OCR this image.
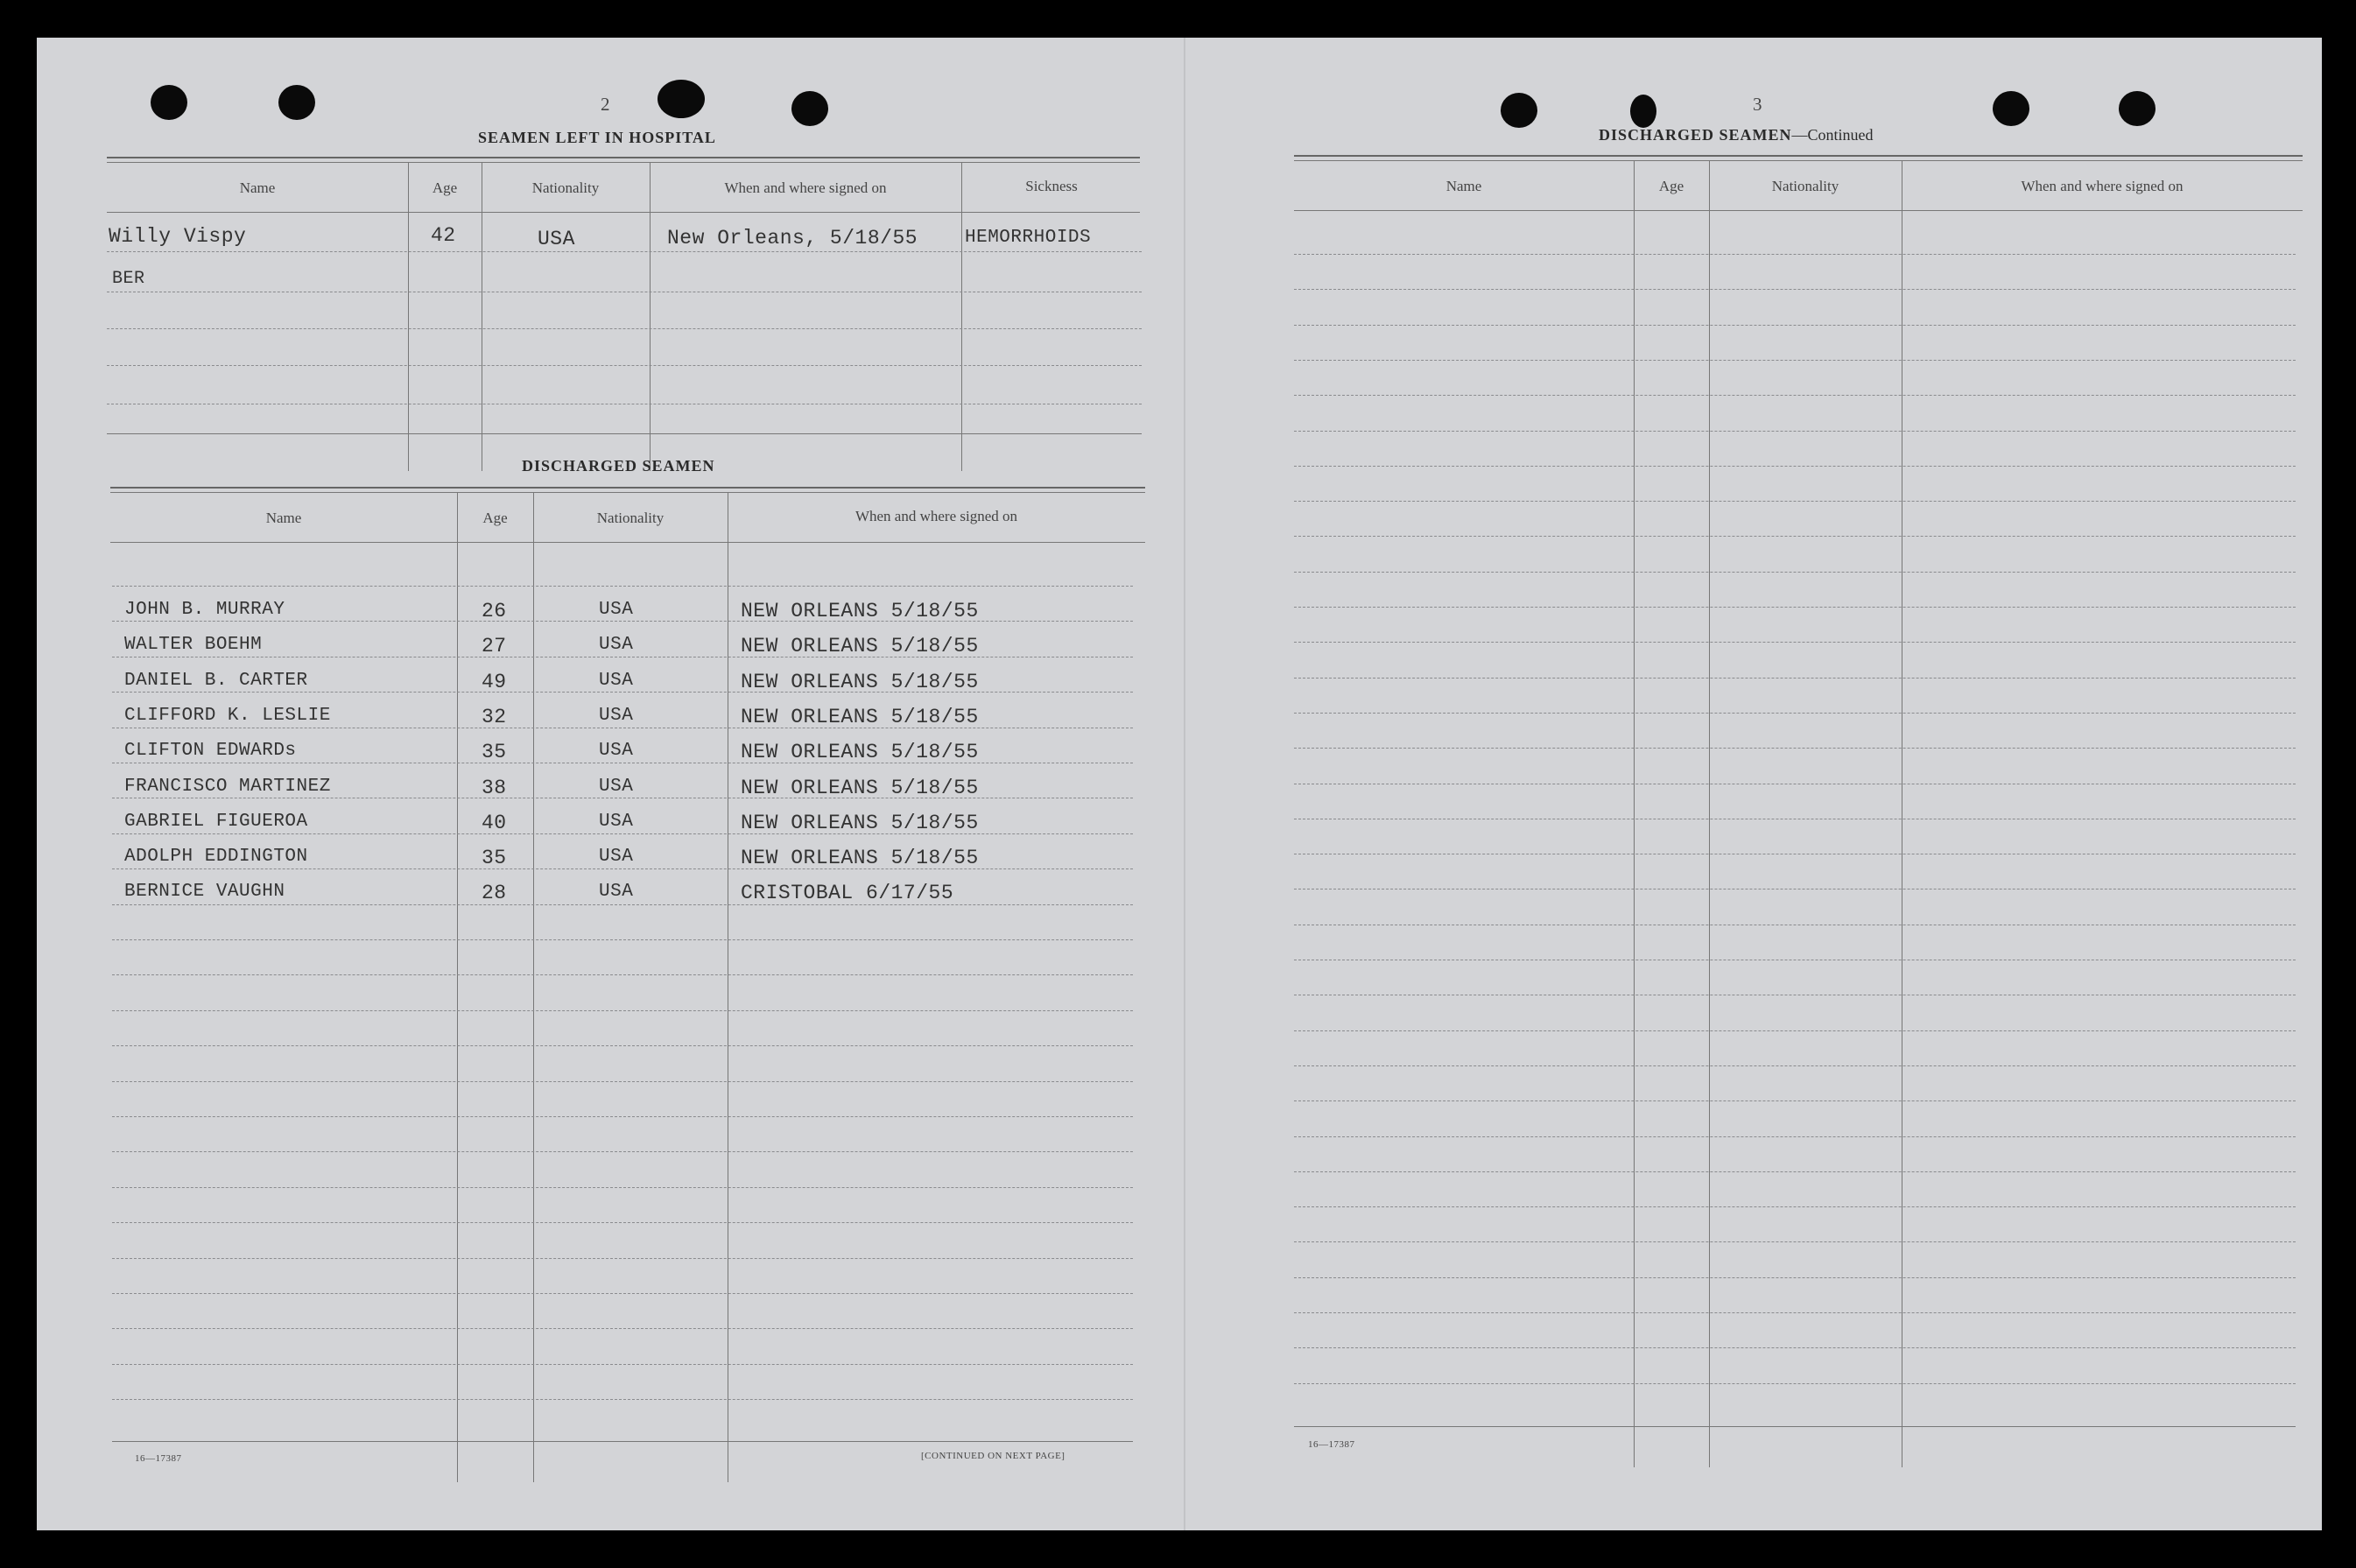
2
SEAMEN LEFT IN HOSPITAL
Name	Age	Nationality	When and where signed on	Sickness
Willy Vispy	42	USA	New Orleans, 5/18/55	HEMORRHOIDS
BER
DISCHARGED SEAMEN
Name	Age	Nationality	When and where signed on
JOHN B. MURRAY	26	USA	NEW ORLEANS 5/18/55
WALTER BOEHM	27	USA	NEW ORLEANS 5/18/55
DANIEL B. CARTER	49	USA	NEW ORLEANS 5/18/55
CLIFFORD K. LESLIE	32	USA	NEW ORLEANS 5/18/55
CLIFTON EDWARDs	35	USA	NEW ORLEANS 5/18/55
FRANCISCO MARTINEZ	38	USA	NEW ORLEANS 5/18/55
GABRIEL FIGUEROA	40	USA	NEW ORLEANS 5/18/55
ADOLPH EDDINGTON	35	USA	NEW ORLEANS 5/18/55
BERNICE VAUGHN	28	USA	CRISTOBAL 6/17/55
16—17387	[CONTINUED ON NEXT PAGE]
3
DISCHARGED SEAMEN—Continued
Name	Age	Nationality	When and where signed on
16—17387
